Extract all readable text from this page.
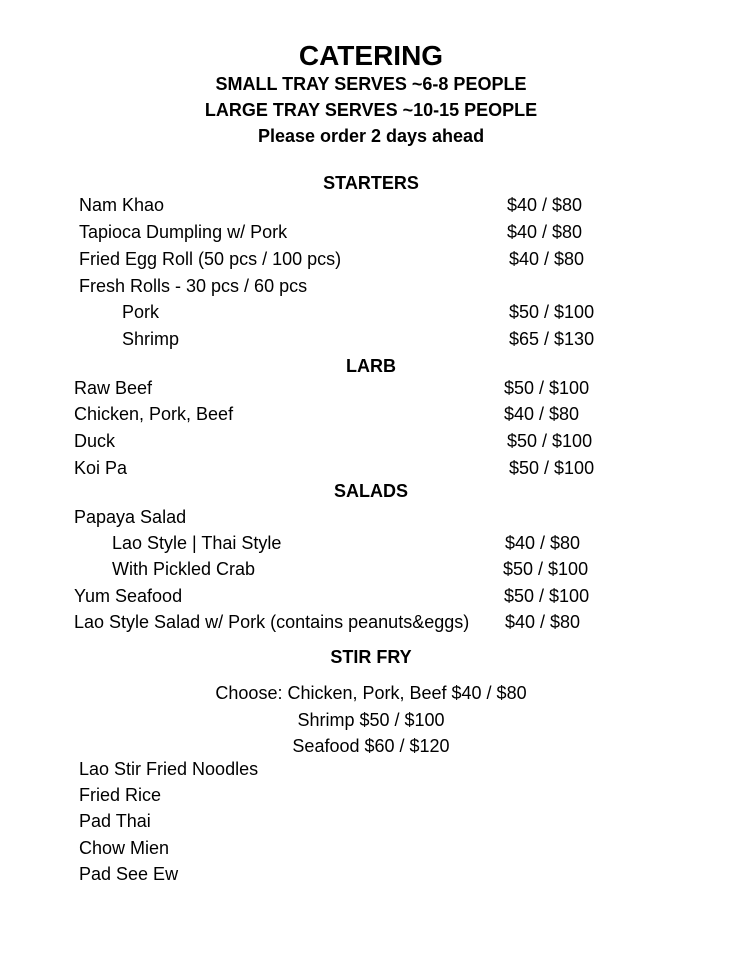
CATERING
SMALL TRAY SERVES ~6-8 PEOPLE
LARGE TRAY SERVES ~10-15 PEOPLE
Please order 2 days ahead
STARTERS
Nam Khao	$40 / $80
Tapioca Dumpling w/ Pork	$40 / $80
Fried Egg Roll (50 pcs / 100 pcs)	$40 / $80
Fresh Rolls - 30 pcs / 60 pcs
Pork	$50 / $100
Shrimp	$65 / $130
LARB
Raw Beef	$50 / $100
Chicken, Pork, Beef	$40 / $80
Duck	$50 / $100
Koi Pa	$50 / $100
SALADS
Papaya Salad
Lao Style | Thai Style	$40 / $80
With Pickled Crab	$50 / $100
Yum Seafood	$50 / $100
Lao Style Salad w/ Pork (contains peanuts&eggs) $40 / $80
STIR FRY
Choose: Chicken, Pork, Beef $40 / $80
Shrimp $50 / $100
Seafood $60 / $120
Lao Stir Fried Noodles
Fried Rice
Pad Thai
Chow Mien
Pad See Ew
